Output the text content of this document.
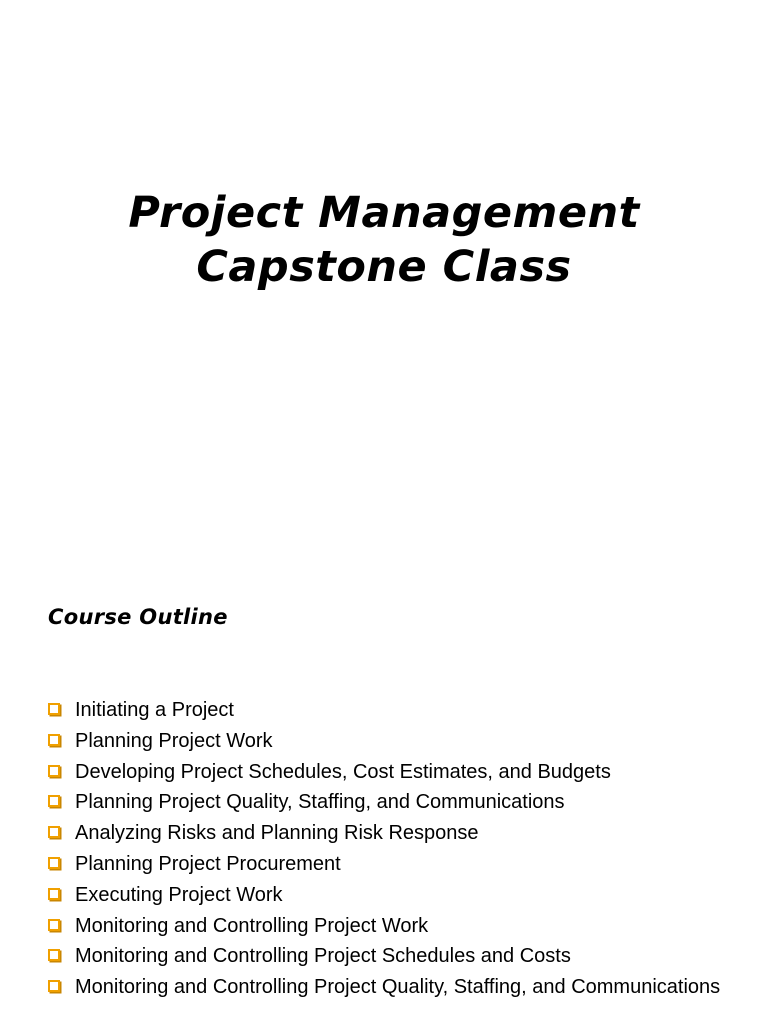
Project Management
Capstone Class
Course Outline
Initiating a Project
Planning Project Work
Developing Project Schedules, Cost Estimates, and Budgets
Planning Project Quality, Staffing, and Communications
Analyzing Risks and Planning Risk Response
Planning Project Procurement
Executing Project Work
Monitoring and Controlling Project Work
Monitoring and Controlling Project Schedules and Costs
Monitoring and Controlling Project Quality, Staffing, and Communications
